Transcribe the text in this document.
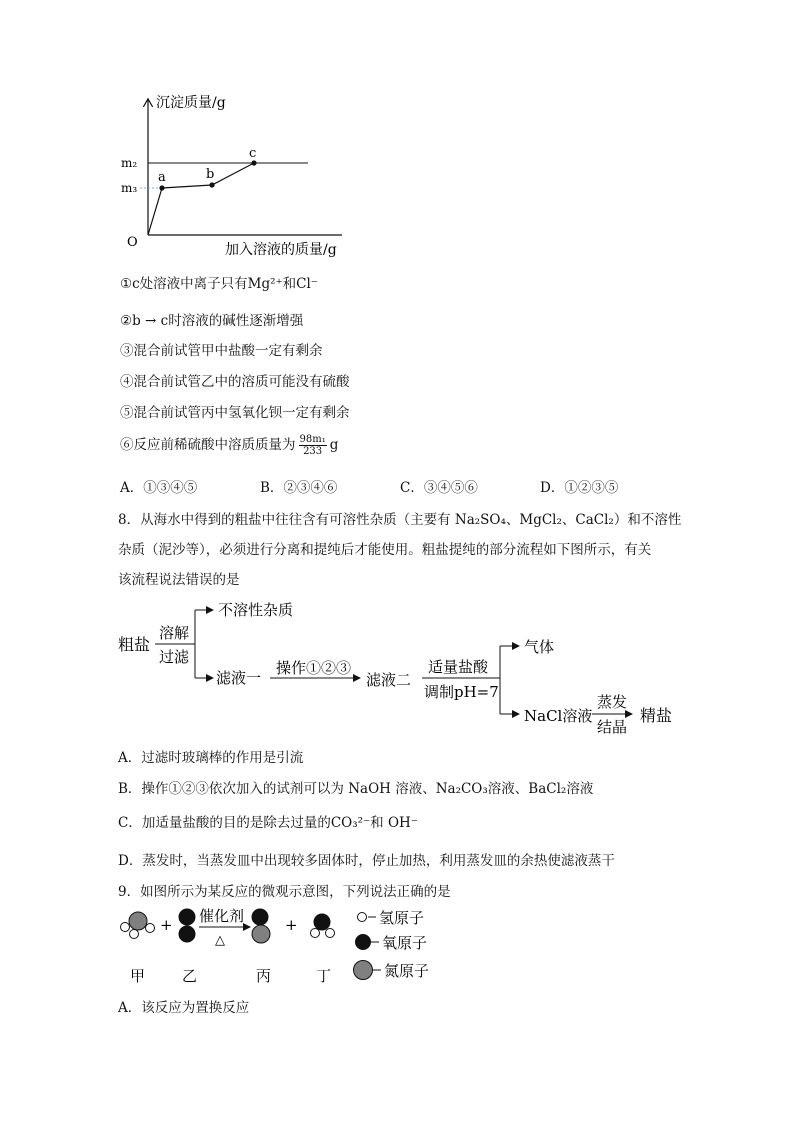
沉淀质量/g
加入溶液的质量/g
O
m₂
m₃
a	b
c
①c处溶液中离子只有Mg²⁺和Cl⁻
②b → c时溶液的碱性逐渐增强
③混合前试管甲中盐酸一定有剩余
④混合前试管乙中的溶质可能没有硫酸
⑤混合前试管丙中氢氧化钡一定有剩余
⑥反应前稀硫酸中溶质质量为 $\frac{\text{98m₁}}{233}$ g
A．①③④⑤	B．②③④⑥	C．③④⑤⑥	D．①②③⑤
8．从海水中得到的粗盐中往往含有可溶性杂质（主要有 Na₂SO₄、MgCl₂、CaCl₂）和不溶性
杂质（泥沙等），必须进行分离和提纯后才能使用。粗盐提纯的部分流程如下图所示，有关
该流程说法错误的是
粗盐
溶解
过滤
不溶性杂质
滤液一
操作①②③
滤液二
适量盐酸
调制pH=7
气体
NaCl溶液
蒸发
结晶
精盐
A．过滤时玻璃棒的作用是引流
B．操作①②③依次加入的试剂可以为 NaOH 溶液、Na₂CO₃溶液、BaCl₂溶液
C．加适量盐酸的目的是除去过量的CO₃²⁻和 OH⁻
D．蒸发时，当蒸发皿中出现较多固体时，停止加热，利用蒸发皿的余热使滤液蒸干
9．如图所示为某反应的微观示意图，下列说法正确的是
+ 催化剂
△
+	氢原子
氧原子
氮原子
甲 乙	丙	丁
A．该反应为置换反应
